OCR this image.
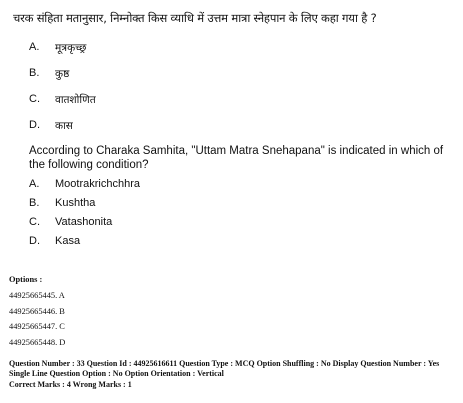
चरक संहिता मतानुसार, निम्नोक्त किस व्याधि में उत्तम मात्रा स्नेहपान के लिए कहा गया है ?
A. मूत्रकृच्छ्र
B. कुष्ठ
C. वातशोणित
D. कास
According to Charaka Samhita, "Uttam Matra Snehapana" is indicated in which of the following condition?
A. Mootrakrichchhra
B. Kushtha
C. Vatashonita
D. Kasa
Options :
44925665445. A
44925665446. B
44925665447. C
44925665448. D
Question Number : 33 Question Id : 44925616611 Question Type : MCQ Option Shuffling : No Display Question Number : Yes
Single Line Question Option : No Option Orientation : Vertical
Correct Marks : 4 Wrong Marks : 1
